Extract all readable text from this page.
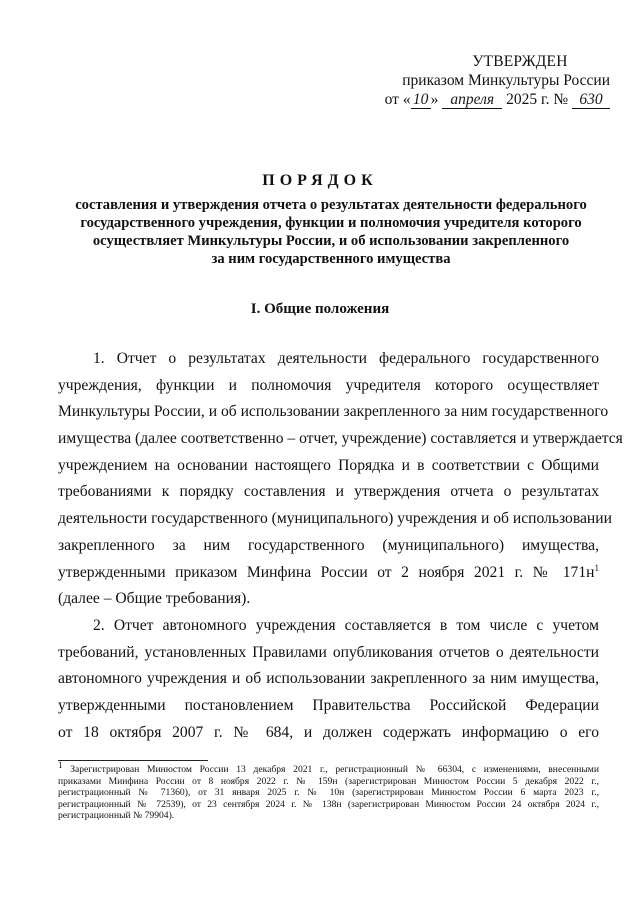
УТВЕРЖДЕН
приказом Минкультуры России
от « 10 » апреля 2025 г. № 630
ПОРЯДОК
составления и утверждения отчета о результатах деятельности федерального
государственного учреждения, функции и полномочия учредителя которого
осуществляет Минкультуры России, и об использовании закрепленного
за ним государственного имущества
I. Общие положения
1. Отчет о результатах деятельности федерального государственного
учреждения, функции и полномочия учредителя которого осуществляет
Минкультуры России, и об использовании закрепленного за ним государственного
имущества (далее соответственно – отчет, учреждение) составляется и утверждается
учреждением на основании настоящего Порядка и в соответствии с Общими
требованиями к порядку составления и утверждения отчета о результатах
деятельности государственного (муниципального) учреждения и об использовании
закрепленного за ним государственного (муниципального) имущества,
утвержденными приказом Минфина России от 2 ноября 2021 г. № $171н^1$
(далее – Общие требования).
2. Отчет автономного учреждения составляется в том числе с учетом
требований, установленных Правилами опубликования отчетов о деятельности
автономного учреждения и об использовании закрепленного за ним имущества,
утвержденными постановлением Правительства Российской Федерации
от 18 октября 2007 г. № 684, и должен содержать информацию о его
$^1$ Зарегистрирован Минюстом России 13 декабря 2021 г., регистрационный № 66304, с изменениями, внесенными
приказами Минфина России от 8 ноября 2022 г. № 159н (зарегистрирован Минюстом России 5 декабря 2022 г.,
регистрационный № 71360), от 31 января 2025 г. № 10н (зарегистрирован Минюстом России 6 марта 2023 г.,
регистрационный № 72539), от 23 сентября 2024 г. № 138н (зарегистрирован Минюстом России 24 октября 2024 г.,
регистрационный № 79904).
